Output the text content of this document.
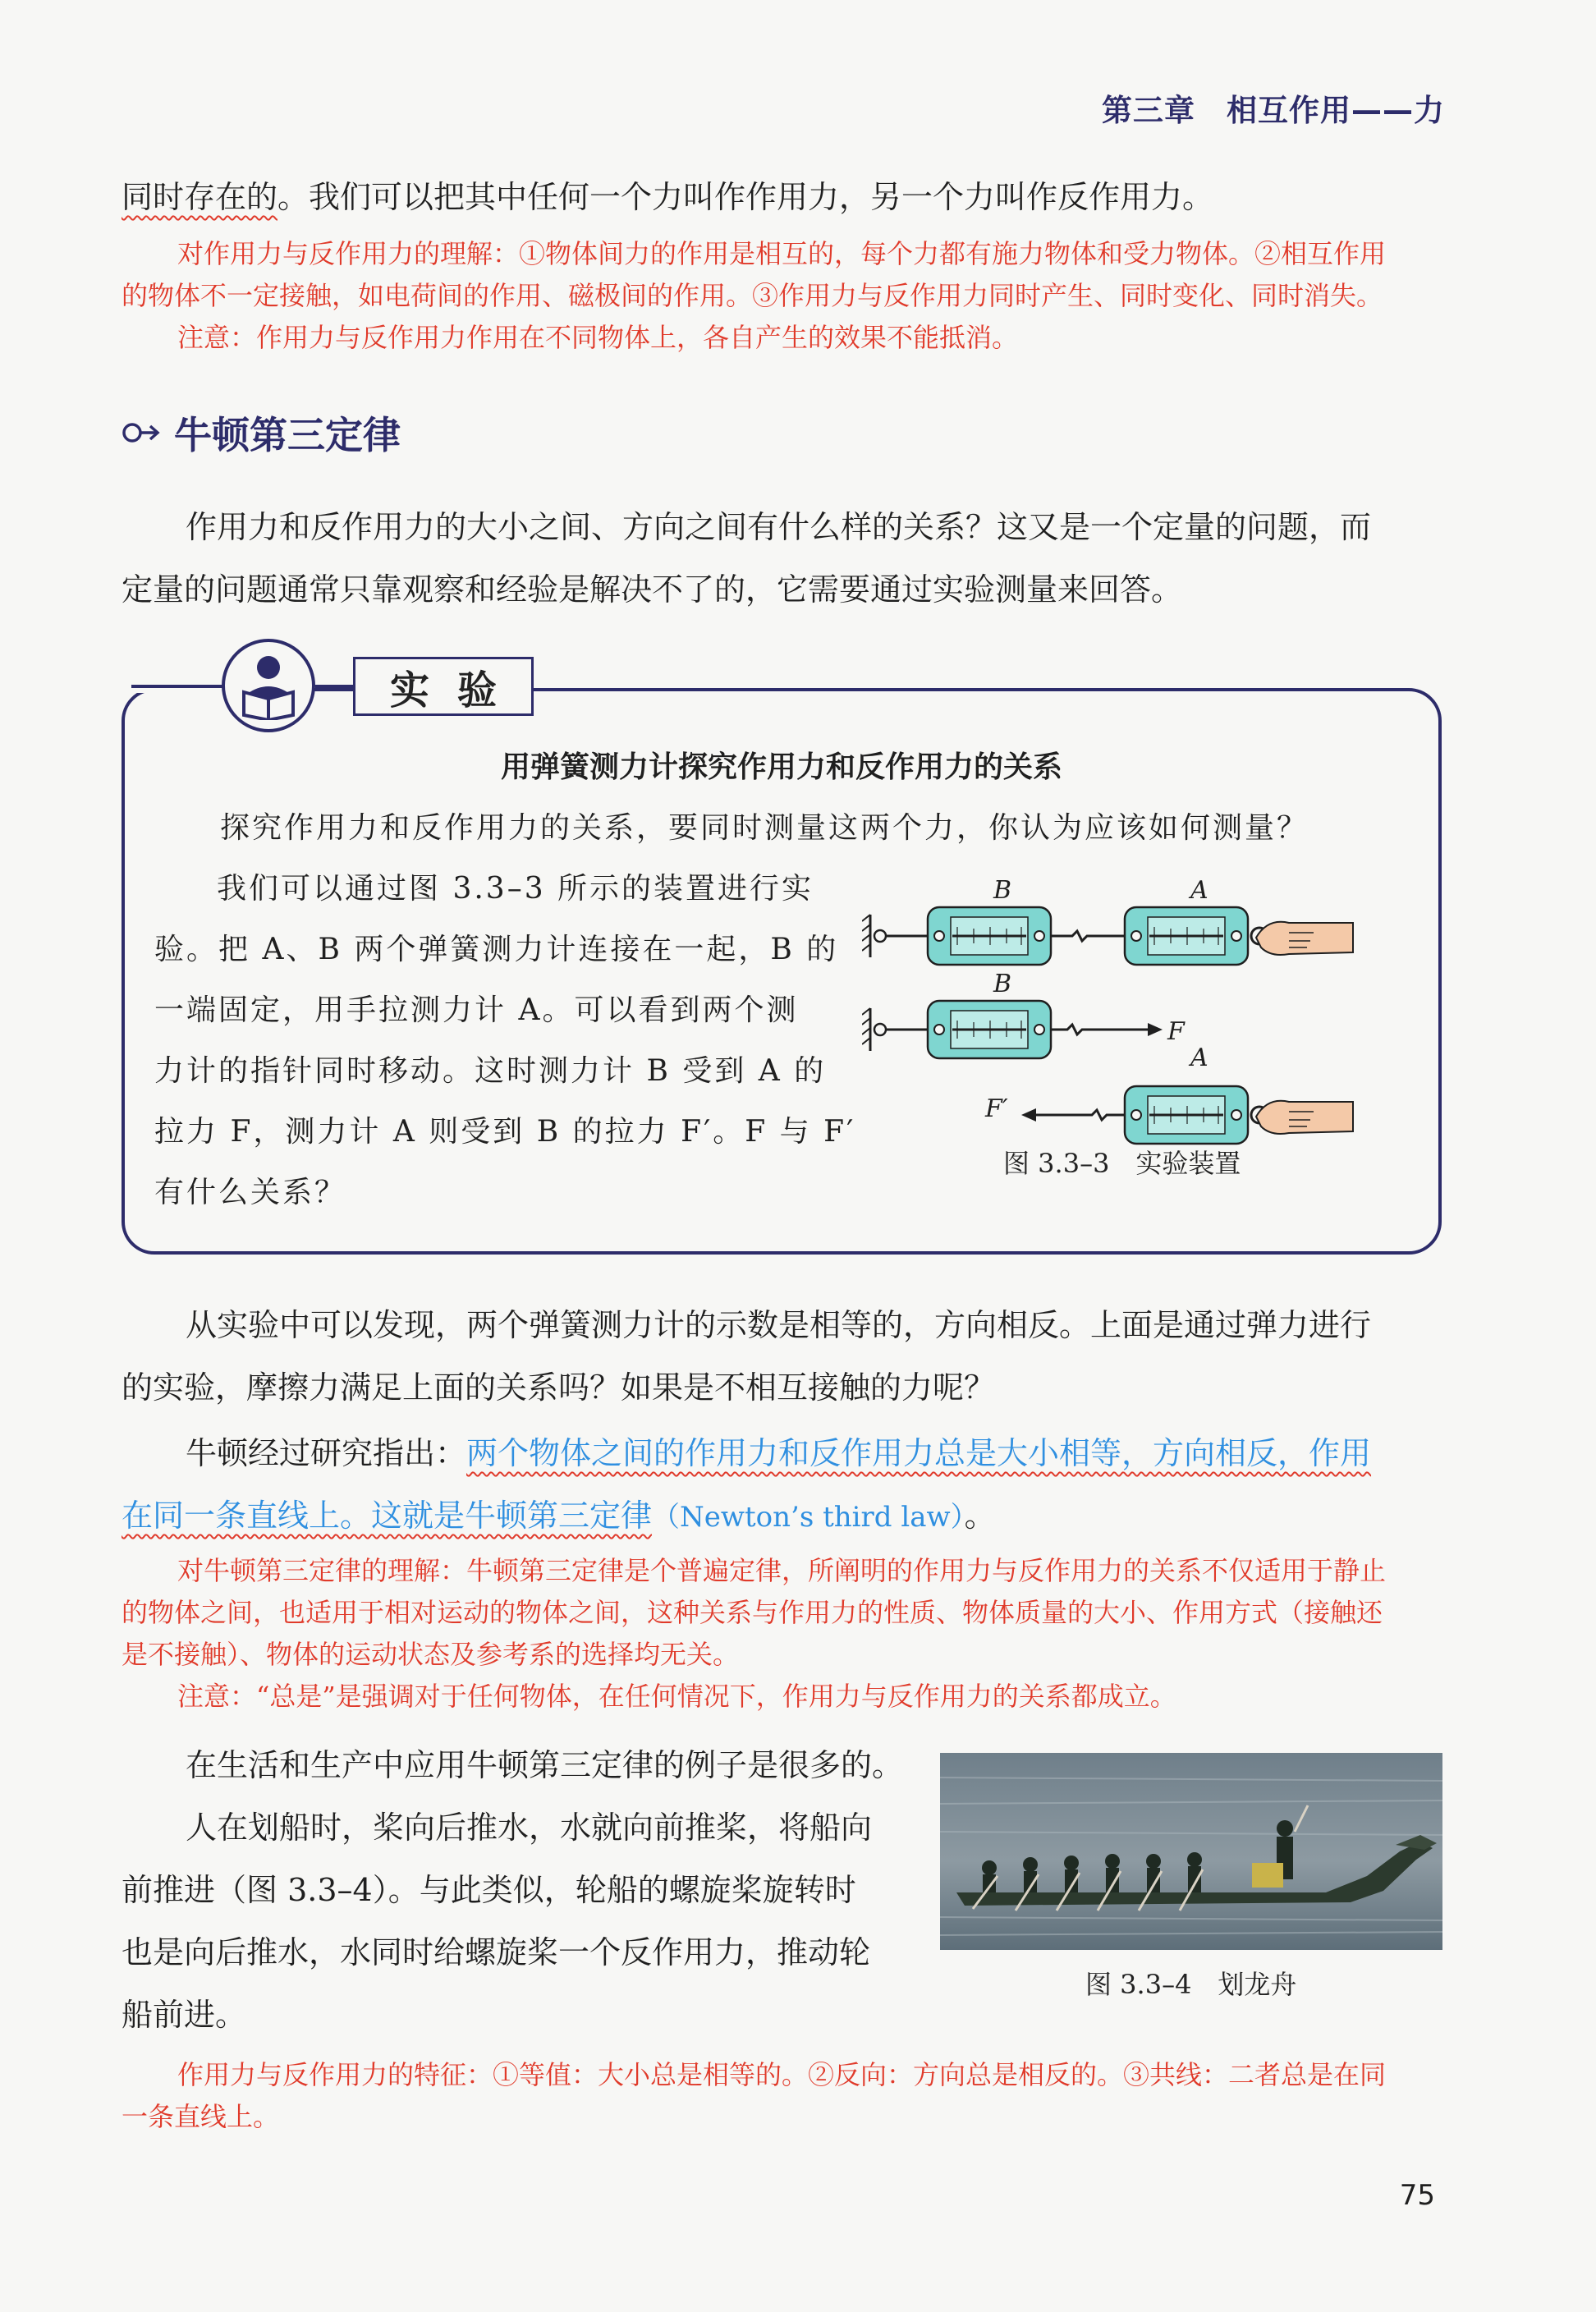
第三章　相互作用——力
同时存在的。我们可以把其中任何一个力叫作作用力，另一个力叫作反作用力。
对作用力与反作用力的理解：①物体间力的作用是相互的，每个力都有施力物体和受力物体。②相互作用
的物体不一定接触，如电荷间的作用、磁极间的作用。③作用力与反作用力同时产生、同时变化、同时消失。
注意：作用力与反作用力作用在不同物体上，各自产生的效果不能抵消。
牛顿第三定律
作用力和反作用力的大小之间、方向之间有什么样的关系？这又是一个定量的问题，而
定量的问题通常只靠观察和经验是解决不了的，它需要通过实验测量来回答。
实验
用弹簧测力计探究作用力和反作用力的关系
探究作用力和反作用力的关系，要同时测量这两个力，你认为应该如何测量？
我们可以通过图 3.3–3 所示的装置进行实
验。把 A、B 两个弹簧测力计连接在一起，B 的
一端固定，用手拉测力计 A。可以看到两个测
力计的指针同时移动。这时测力计 B 受到 A 的
拉力 F，测力计 A 则受到 B 的拉力 F′。F 与 F′
有什么关系？
B	A
B
F
A
F′
图 3.3–3　实验装置
从实验中可以发现，两个弹簧测力计的示数是相等的，方向相反。上面是通过弹力进行
的实验，摩擦力满足上面的关系吗？如果是不相互接触的力呢？
牛顿经过研究指出：两个物体之间的作用力和反作用力总是大小相等，方向相反，作用
在同一条直线上。这就是牛顿第三定律（Newton’s third law）。
对牛顿第三定律的理解：牛顿第三定律是个普遍定律，所阐明的作用力与反作用力的关系不仅适用于静止
的物体之间，也适用于相对运动的物体之间，这种关系与作用力的性质、物体质量的大小、作用方式（接触还
是不接触）、物体的运动状态及参考系的选择均无关。
注意：“总是”是强调对于任何物体，在任何情况下，作用力与反作用力的关系都成立。
在生活和生产中应用牛顿第三定律的例子是很多的。
人在划船时，桨向后推水，水就向前推桨，将船向
前推进（图 3.3–4）。与此类似，轮船的螺旋桨旋转时
也是向后推水，水同时给螺旋桨一个反作用力，推动轮
船前进。
图 3.3–4　划龙舟
作用力与反作用力的特征：①等值：大小总是相等的。②反向：方向总是相反的。③共线：二者总是在同
一条直线上。
75
